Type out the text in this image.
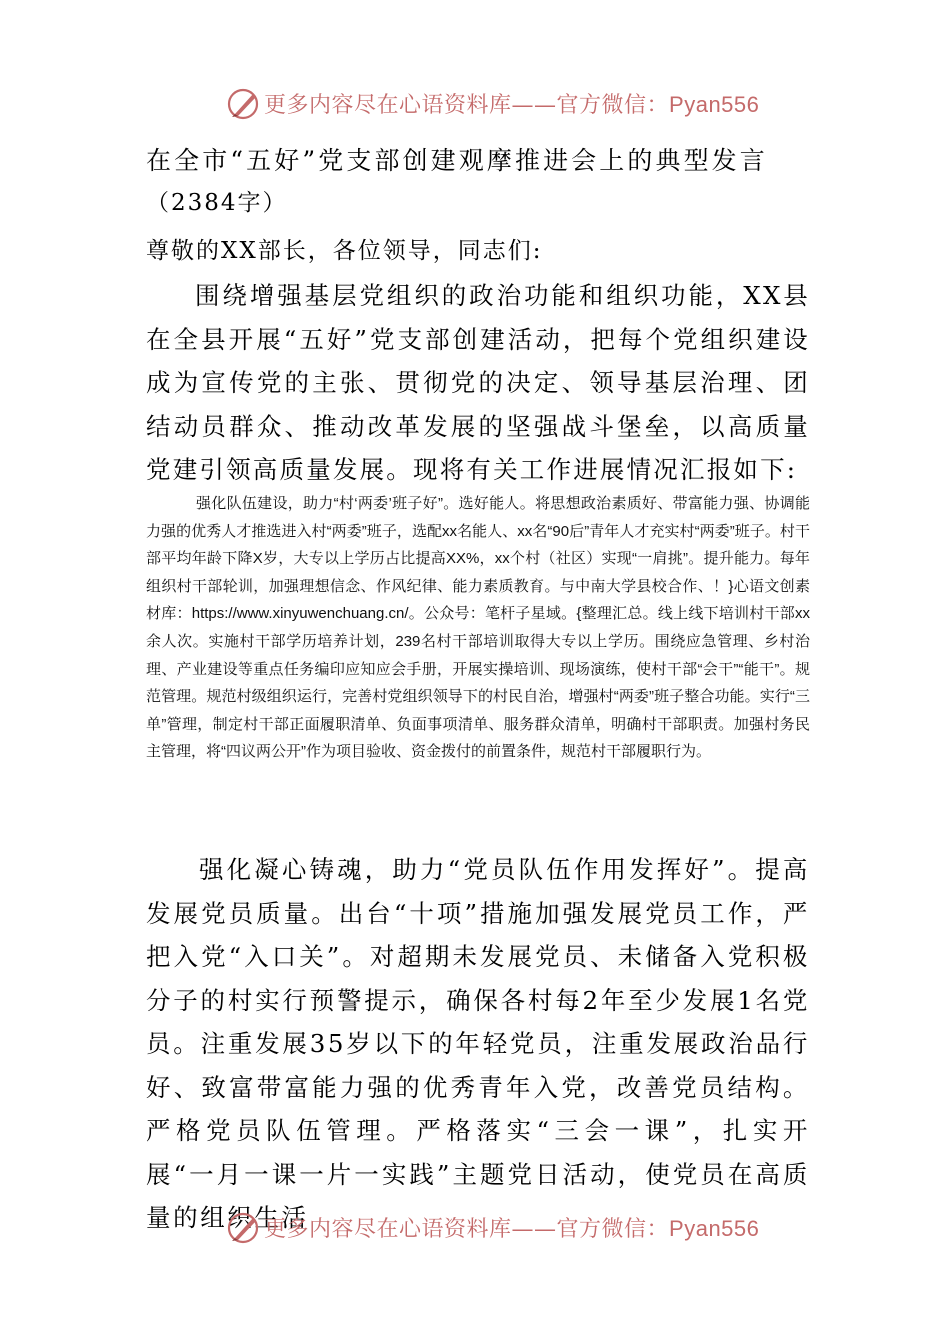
更多内容尽在心语资料库——官方微信：Pyan556
在全市“五好”党支部创建观摩推进会上的典型发言
（2384字）
尊敬的XX部长，各位领导，同志们:

围绕增强基层党组织的政治功能和组织功能，XX县在全县开展“五好”党支部创建活动，把每个党组织建设成为宣传党的主张、贯彻党的决定、领导基层治理、团结动员群众、推动改革发展的坚强战斗堡垒，以高质量党建引领高质量发展。现将有关工作进展情况汇报如下:

强化队伍建设，助力“村‘两委’班子好”。选好能人。将思想政治素质好、带富能力强、协调能力强的优秀人才推选进入村“两委”班子，选配xx名能人、xx名“90后”青年人才充实村“两委”班子。村干部平均年龄下降X岁，大专以上学历占比提高XX%，xx个村（社区）实现“一肩挑”。提升能力。每年组织村干部轮训，加强理想信念、作风纪律、能力素质教育。与中南大学县校合作、！}心语文创素材库：https://www.xinyuwenchuang.cn/。公众号：笔杆子星域。{整理汇总。线上线下培训村干部xx余人次。实施村干部学历培养计划，239名村干部培训取得大专以上学历。围绕应急管理、乡村治理、产业建设等重点任务编印应知应会手册，开展实操培训、现场演练，使村干部“会干”“能干”。规范管理。规范村级组织运行，完善村党组织领导下的村民自治，增强村“两委”班子整合功能。实行“三单”管理，制定村干部正面履职清单、负面事项清单、服务群众清单，明确村干部职责。加强村务民主管理，将“四议两公开”作为项目验收、资金拨付的前置条件，规范村干部履职行为。

强化凝心铸魂，助力“党员队伍作用发挥好”。提高发展党员质量。出台“十项”措施加强发展党员工作，严把入党“入口关”。对超期未发展党员、未储备入党积极分子的村实行预警提示，确保各村每2年至少发展1名党员。注重发展35岁以下的年轻党员，注重发展政治品行好、致富带富能力强的优秀青年入党，改善党员结构。严格党员队伍管理。严格落实“三会一课”，扎实开展“一月一课一片一实践”主题党日活动，使党员在高质量的组织生活

更多内容尽在心语资料库——官方微信：Pyan556
